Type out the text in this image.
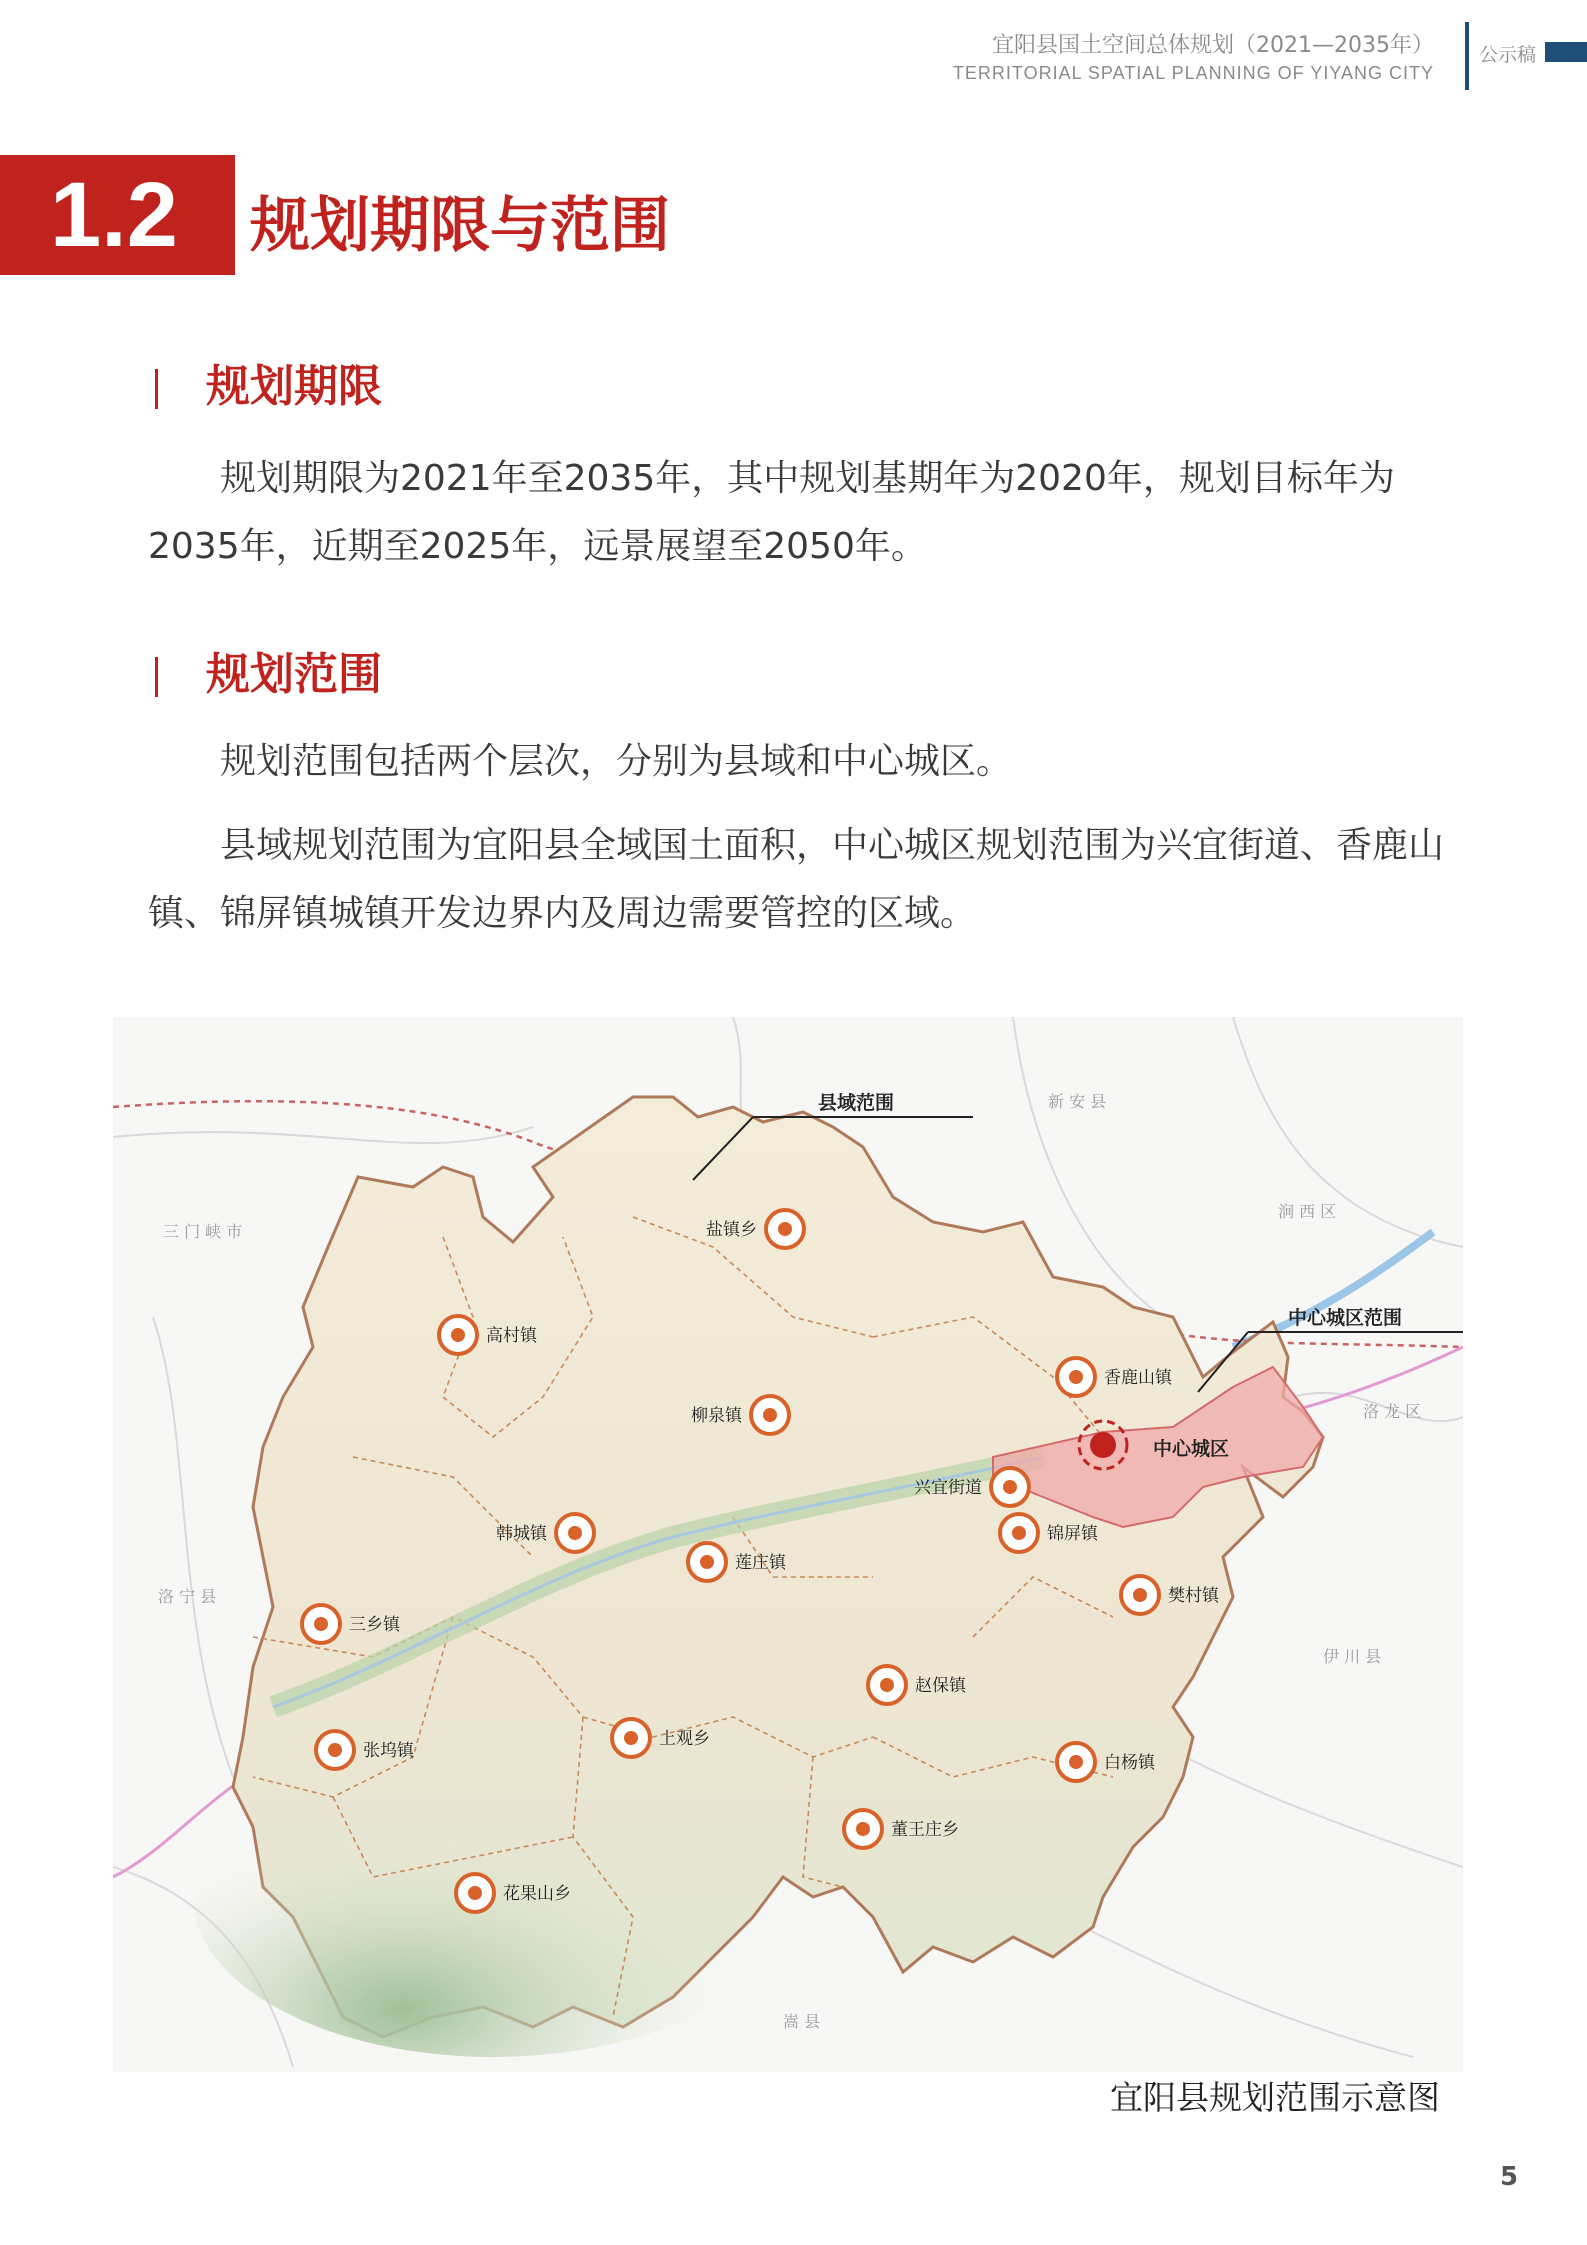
宜阳县国土空间总体规划（2021—2035年）
TERRITORIAL SPATIAL PLANNING OF YIYANG CITY
公示稿
1.2	规划期限与范围
规划期限
规划期限为2021年至2035年，其中规划基期年为2020年，规划目标年为2035年，近期至2025年，远景展望至2050年。
规划范围
规划范围包括两个层次，分别为县域和中心城区。
县域规划范围为宜阳县全域国土面积，中心城区规划范围为兴宜街道、香鹿山镇、锦屏镇城镇开发边界内及周边需要管控的区域。
中心城区
县域范围
中心城区范围
新 安 县
三 门 峡 市
涧 西 区
洛 龙 区
洛 宁 县
伊 川 县
嵩 县
盐镇乡
高村镇
柳泉镇
香鹿山镇
兴宜街道
韩城镇
莲庄镇
锦屏镇
樊村镇
三乡镇
赵保镇
上观乡
张坞镇
白杨镇
董王庄乡
花果山乡
宜阳县规划范围示意图
5
